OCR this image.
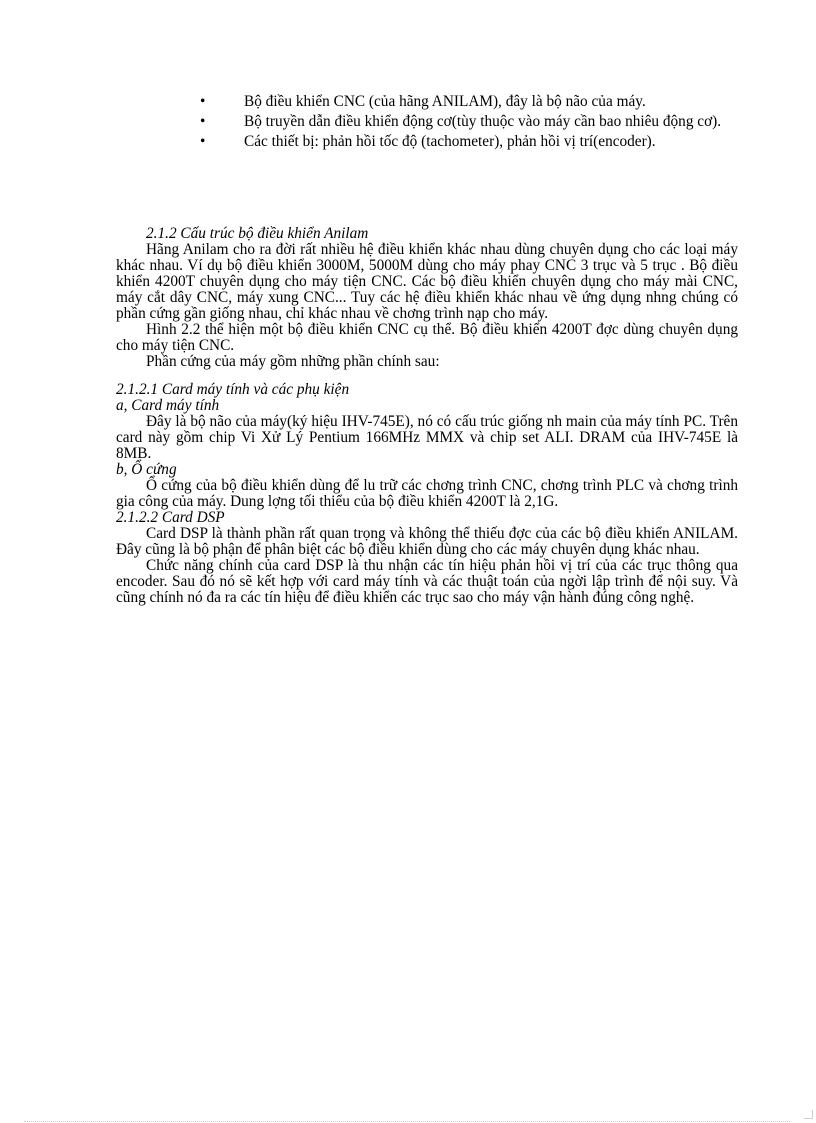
•	Bộ điều khiển CNC (của hãng ANILAM), đây là bộ não của máy.
•	Bộ truyền dẫn điều khiển động cơ(tùy thuộc vào máy cần bao nhiêu động cơ).
•	Các thiết bị: phản hồi tốc độ (tachometer), phản hồi vị trí(encoder).

2.1.2 Cấu trúc bộ điều khiển Anilam

Hãng Anilam cho ra đời rất nhiều hệ điều khiển khác nhau dùng chuyên dụng cho các loại máy khác nhau. Ví dụ bộ điều khiển 3000M, 5000M dùng cho máy phay CNC 3 trục và 5 trục . Bộ điều khiển 4200T chuyên dụng cho máy tiện CNC. Các bộ điều khiển chuyên dụng cho máy mài CNC, máy cắt dây CNC, máy xung CNC... Tuy các hệ điều khiển khác nhau về ứng dụng nhng chúng có phần cứng gần giống nhau, chỉ khác nhau về chơng trình nạp cho máy.

Hình 2.2 thể hiện một bộ điều khiển CNC cụ thể. Bộ điều khiển 4200T đợc dùng chuyên dụng cho máy tiện CNC.

Phần cứng của máy gồm những phần chính sau:

2.1.2.1 Card máy tính và các phụ kiện

a, Card máy tính

Đây là bộ não của máy(ký hiệu IHV-745E), nó có cấu trúc giống nh main của máy tính PC. Trên card này gồm chip Vi Xử Lý Pentium 166MHz MMX và chip set ALI. DRAM của IHV-745E là 8MB.

b, Ổ cứng

Ổ cứng của bộ điều khiển dùng để lu trữ các chơng trình CNC, chơng trình PLC và chơng trình gia công của máy. Dung lợng tối thiểu của bộ điều khiển 4200T là 2,1G.

2.1.2.2 Card DSP

Card DSP là thành phần rất quan trọng và không thể thiếu đợc của các bộ điều khiển ANILAM. Đây cũng là bộ phận để phân biệt các bộ điều khiển dùng cho các máy chuyên dụng khác nhau.

Chức năng chính của card DSP là thu nhận các tín hiệu phản hồi vị trí của các trục thông qua encoder. Sau đó nó sẽ kết hợp với card máy tính và các thuật toán của ngời lập trình để nội suy. Và cũng chính nó đa ra các tín hiệu để điều khiển các trục sao cho máy vận hành đúng công nghệ.
